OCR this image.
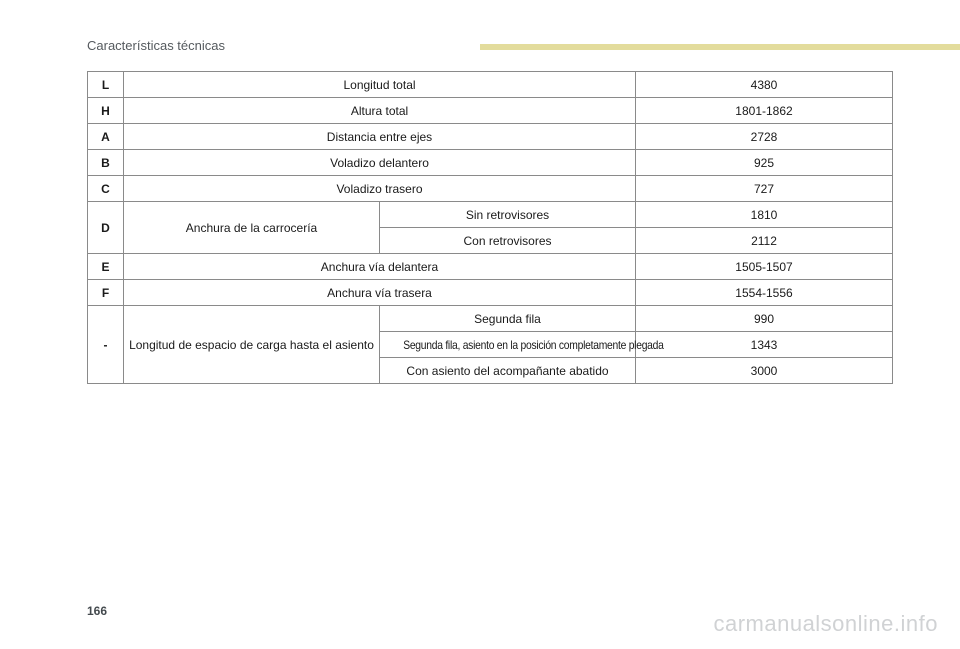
Características técnicas
L	Longitud total		4380
H	Altura total		1801-1862
A	Distancia entre ejes		2728
B	Voladizo delantero		925
C	Voladizo trasero		727
D	Anchura de la carrocería	Sin retrovisores	1810
		Con retrovisores	2112
E	Anchura vía delantera		1505-1507
F	Anchura vía trasera		1554-1556
-	Longitud de espacio de carga hasta el asiento	Segunda fila	990
		Segunda fila, asiento en la posición completamente plegada	1343
		Con asiento del acompañante abatido	3000
166	carmanualsonline.info
